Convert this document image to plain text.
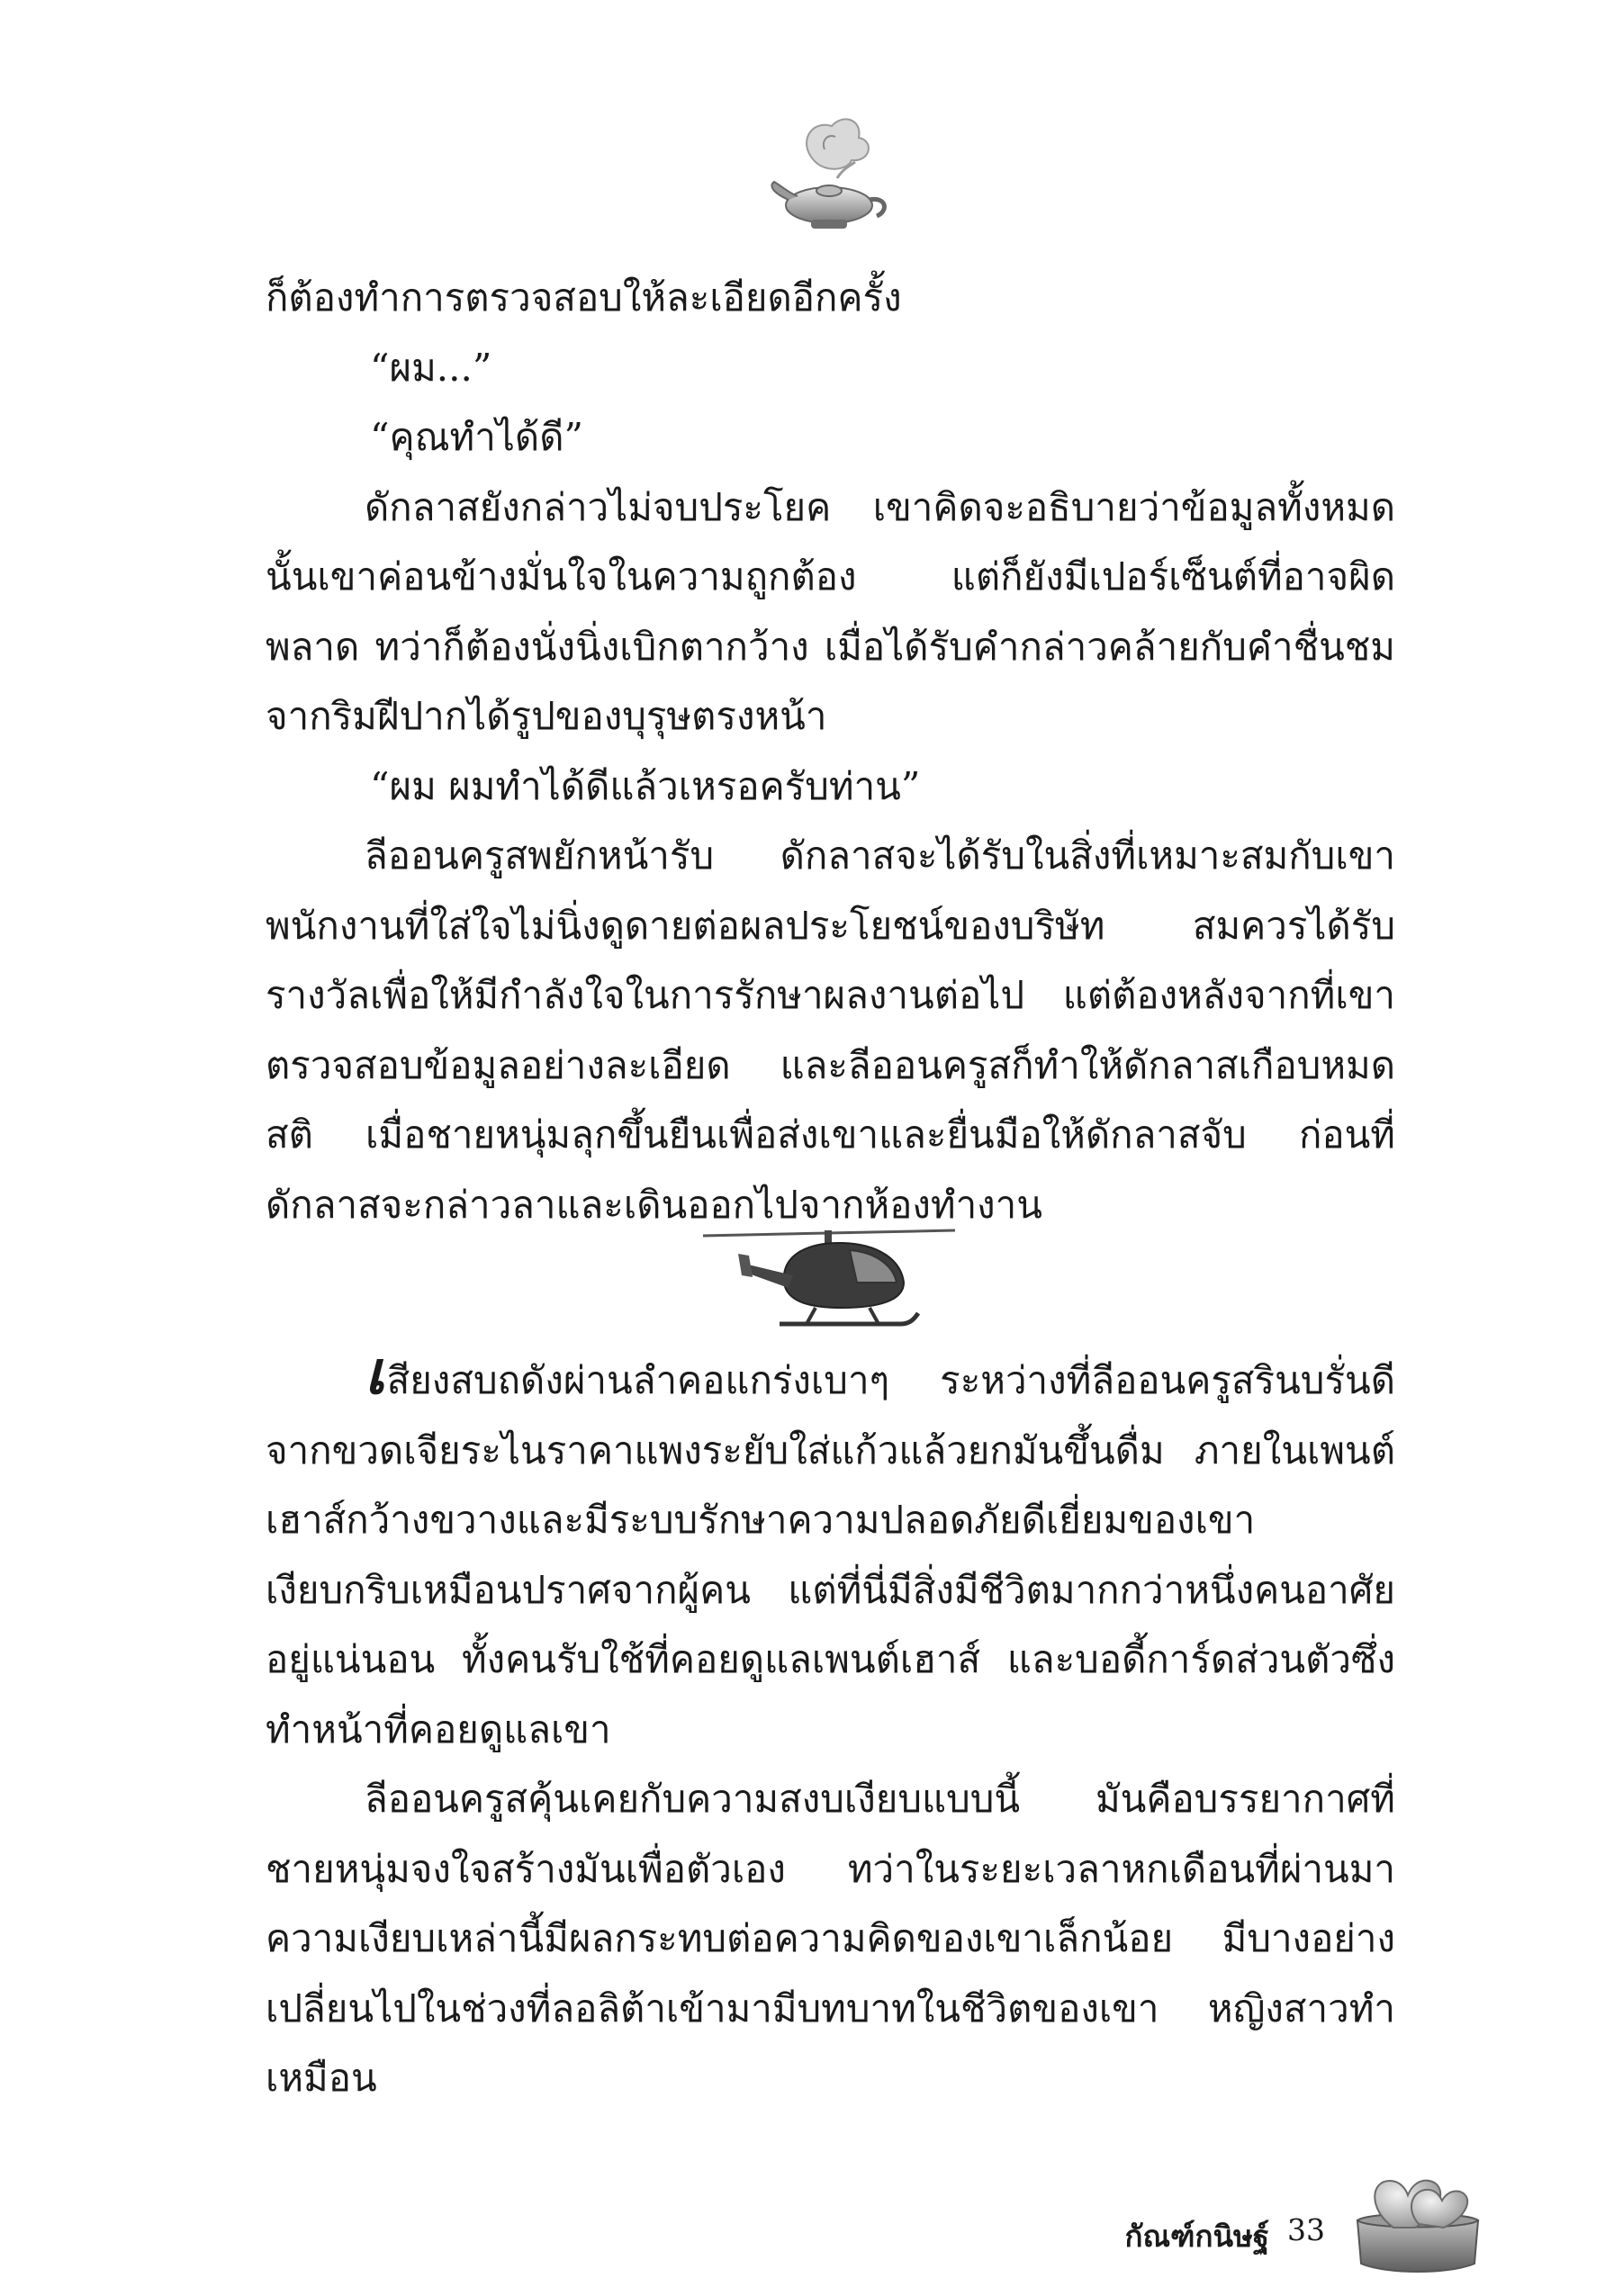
ก็ต้องทำการตรวจสอบให้ละเอียดอีกครั้ง

“ผม...”

“คุณทำได้ดี”

ดักลาสยังกล่าวไม่จบประโยค เขาคิดจะอธิบายว่าข้อมูลทั้งหมดนั้นเขาค่อนข้างมั่นใจในความถูกต้อง แต่ก็ยังมีเปอร์เซ็นต์ที่อาจผิดพลาด ทว่าก็ต้องนั่งนิ่งเบิกตากว้าง เมื่อได้รับคำกล่าวคล้ายกับคำชื่นชมจากริมฝีปากได้รูปของบุรุษตรงหน้า

“ผม ผมทำได้ดีแล้วเหรอครับท่าน”

ลีออนครูสพยักหน้ารับ ดักลาสจะได้รับในสิ่งที่เหมาะสมกับเขา พนักงานที่ใส่ใจไม่นิ่งดูดายต่อผลประโยชน์ของบริษัท สมควรได้รับรางวัลเพื่อให้มีกำลังใจในการรักษาผลงานต่อไป แต่ต้องหลังจากที่เขาตรวจสอบข้อมูลอย่างละเอียด และลีออนครูสก็ทำให้ดักลาสเกือบหมดสติ เมื่อชายหนุ่มลุกขึ้นยืนเพื่อส่งเขาและยื่นมือให้ดักลาสจับ ก่อนที่ดักลาสจะกล่าวลาและเดินออกไปจากห้องทำงาน

เสียงสบถดังผ่านลำคอแกร่งเบาๆ ระหว่างที่ลีออนครูสรินบรั่นดีจากขวดเจียระไนราคาแพงระยับใส่แก้วแล้วยกมันขึ้นดื่ม ภายในเพนต์เฮาส์กว้างขวางและมีระบบรักษาความปลอดภัยดีเยี่ยมของเขาเงียบกริบเหมือนปราศจากผู้คน แต่ที่นี่มีสิ่งมีชีวิตมากกว่าหนึ่งคนอาศัยอยู่แน่นอน ทั้งคนรับใช้ที่คอยดูแลเพนต์เฮาส์ และบอดี้การ์ดส่วนตัวซึ่งทำหน้าที่คอยดูแลเขา

ลีออนครูสคุ้นเคยกับความสงบเงียบแบบนี้ มันคือบรรยากาศที่ชายหนุ่มจงใจสร้างมันเพื่อตัวเอง ทว่าในระยะเวลาหกเดือนที่ผ่านมาความเงียบเหล่านี้มีผลกระทบต่อความคิดของเขาเล็กน้อย มีบางอย่างเปลี่ยนไปในช่วงที่ลอลิต้าเข้ามามีบทบาทในชีวิตของเขา หญิงสาวทำเหมือน

กัณฑ์กนิษฐ์ 33
